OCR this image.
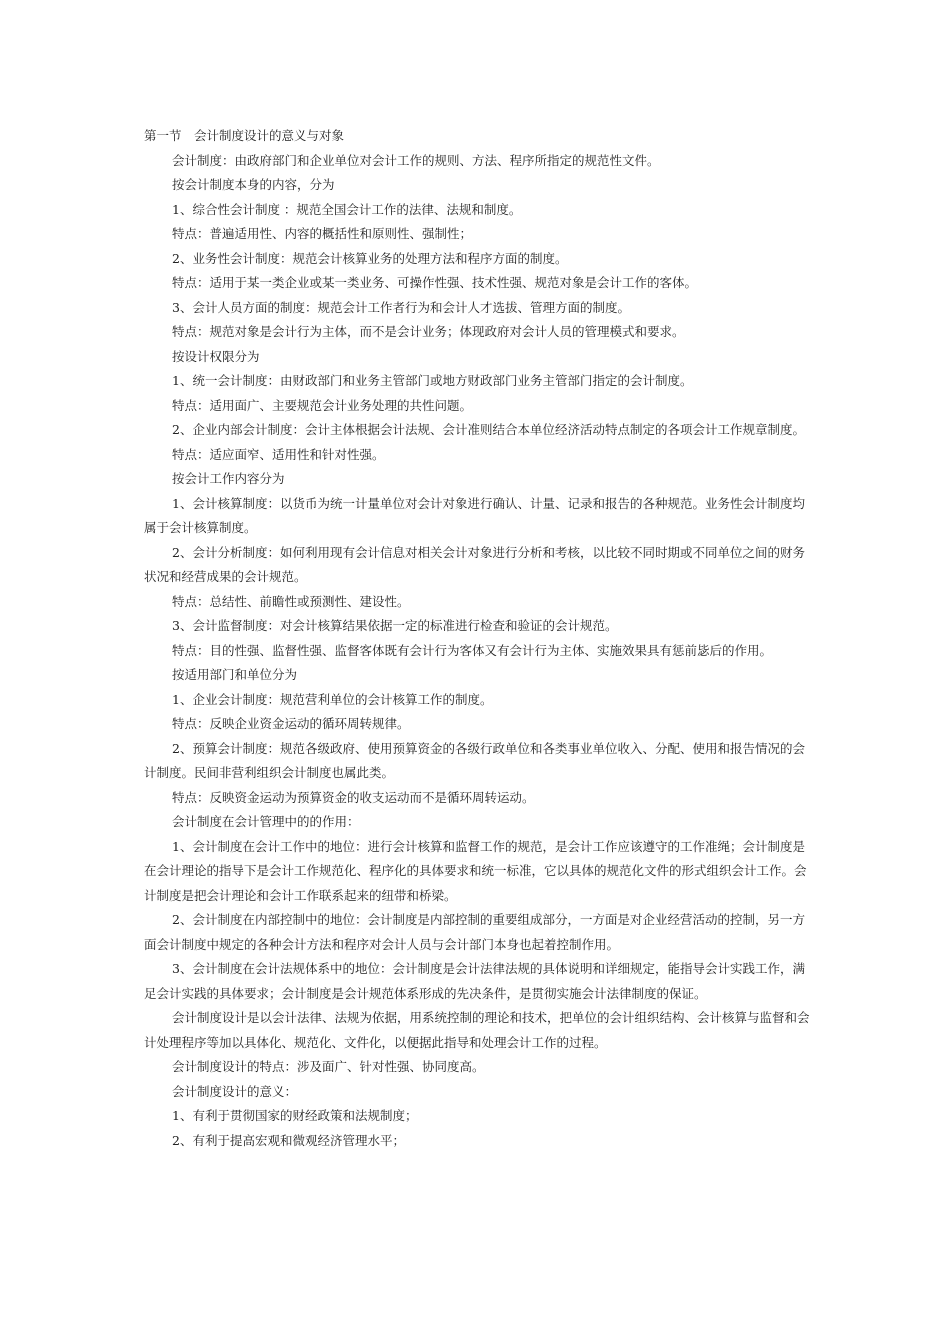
第一节　会计制度设计的意义与对象

会计制度：由政府部门和企业单位对会计工作的规则、方法、程序所指定的规范性文件。

按会计制度本身的内容，分为

1、综合性会计制度 ：规范全国会计工作的法律、法规和制度。

特点：普遍适用性、内容的概括性和原则性、强制性；

2、业务性会计制度：规范会计核算业务的处理方法和程序方面的制度。

特点：适用于某一类企业或某一类业务、可操作性强、技术性强、规范对象是会计工作的客体。

3、会计人员方面的制度：规范会计工作者行为和会计人才选拔、管理方面的制度。

特点：规范对象是会计行为主体，而不是会计业务；体现政府对会计人员的管理模式和要求。

按设计权限分为

1、统一会计制度：由财政部门和业务主管部门或地方财政部门业务主管部门指定的会计制度。

特点：适用面广、主要规范会计业务处理的共性问题。

2、企业内部会计制度：会计主体根据会计法规、会计准则结合本单位经济活动特点制定的各项会计工作规章制度。

特点：适应面窄、适用性和针对性强。

按会计工作内容分为

1、会计核算制度：以货币为统一计量单位对会计对象进行确认、计量、记录和报告的各种规范。业务性会计制度均属于会计核算制度。

2、会计分析制度：如何利用现有会计信息对相关会计对象进行分析和考核，以比较不同时期或不同单位之间的财务状况和经营成果的会计规范。

特点：总结性、前瞻性或预测性、建设性。

3、会计监督制度：对会计核算结果依据一定的标准进行检查和验证的会计规范。

特点：目的性强、监督性强、监督客体既有会计行为客体又有会计行为主体、实施效果具有惩前毖后的作用。

按适用部门和单位分为

1、企业会计制度：规范营利单位的会计核算工作的制度。

特点：反映企业资金运动的循环周转规律。

2、预算会计制度：规范各级政府、使用预算资金的各级行政单位和各类事业单位收入、分配、使用和报告情况的会计制度。民间非营利组织会计制度也属此类。

特点：反映资金运动为预算资金的收支运动而不是循环周转运动。

会计制度在会计管理中的的作用：

1、会计制度在会计工作中的地位：进行会计核算和监督工作的规范，是会计工作应该遵守的工作准绳；会计制度是在会计理论的指导下是会计工作规范化、程序化的具体要求和统一标准，它以具体的规范化文件的形式组织会计工作。会计制度是把会计理论和会计工作联系起来的纽带和桥梁。

2、会计制度在内部控制中的地位：会计制度是内部控制的重要组成部分，一方面是对企业经营活动的控制，另一方面会计制度中规定的各种会计方法和程序对会计人员与会计部门本身也起着控制作用。

3、会计制度在会计法规体系中的地位：会计制度是会计法律法规的具体说明和详细规定，能指导会计实践工作，满足会计实践的具体要求；会计制度是会计规范体系形成的先决条件，是贯彻实施会计法律制度的保证。

会计制度设计是以会计法律、法规为依据，用系统控制的理论和技术，把单位的会计组织结构、会计核算与监督和会计处理程序等加以具体化、规范化、文件化，以便据此指导和处理会计工作的过程。

会计制度设计的特点：涉及面广、针对性强、协同度高。

会计制度设计的意义：

1、有利于贯彻国家的财经政策和法规制度；

2、有利于提高宏观和微观经济管理水平；
